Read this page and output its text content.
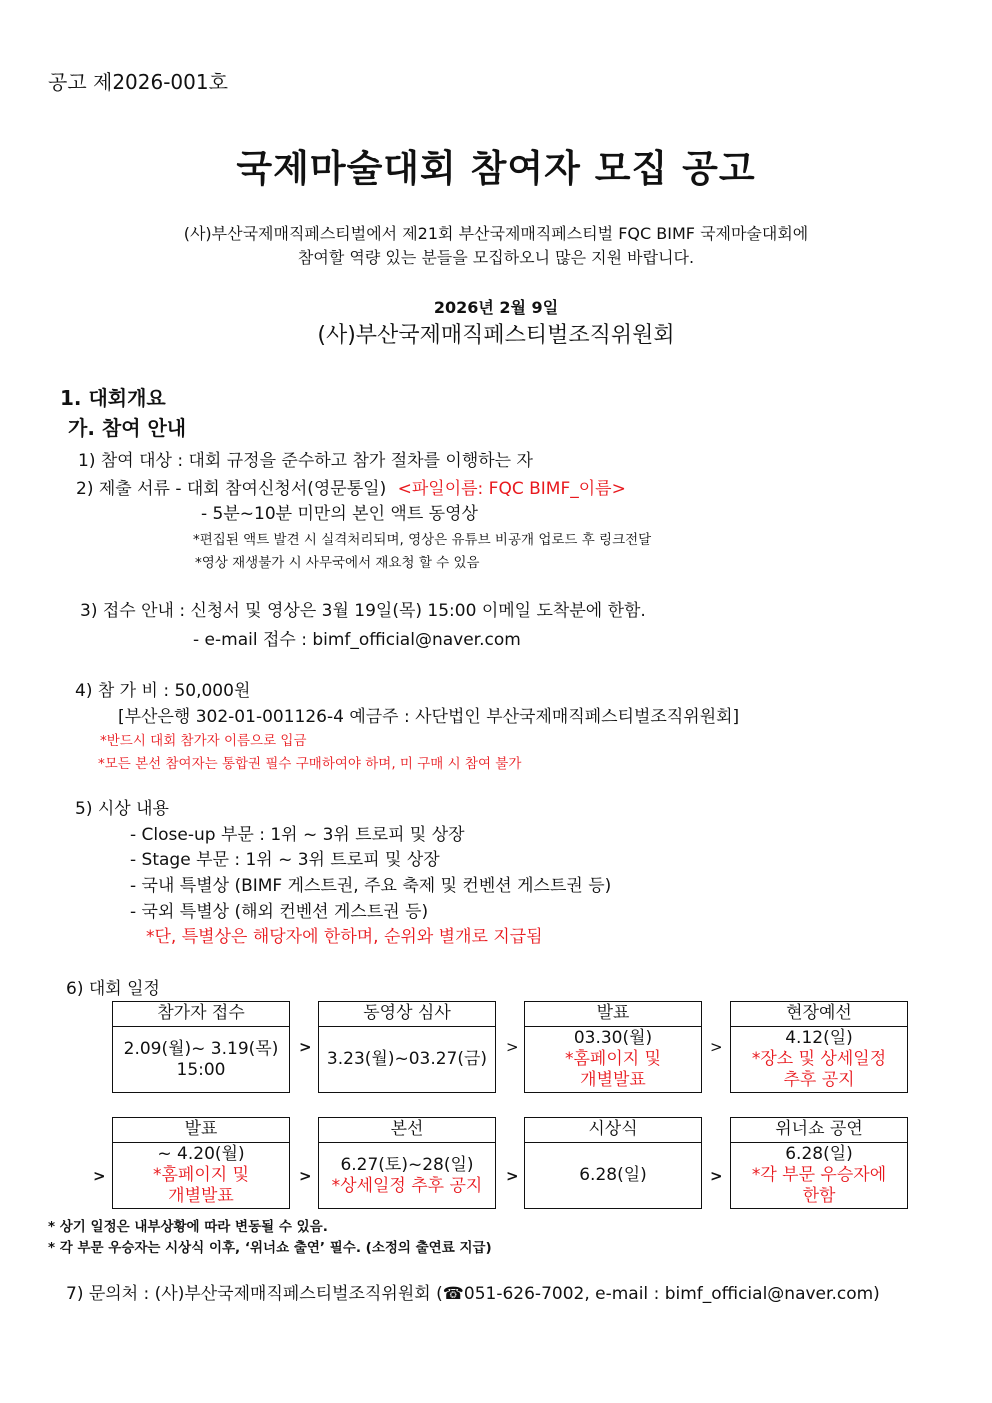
공고 제2026-001호
국제마술대회 참여자 모집 공고
(사)부산국제매직페스티벌에서 제21회 부산국제매직페스티벌 FQC BIMF 국제마술대회에
참여할 역량 있는 분들을 모집하오니 많은 지원 바랍니다.
2026년 2월 9일
(사)부산국제매직페스티벌조직위원회
1. 대회개요
가. 참여 안내
1) 참여 대상 : 대회 규정을 준수하고 참가 절차를 이행하는 자
2) 제출 서류 - 대회 참여신청서(영문통일) <파일이름: FQC BIMF_이름>
- 5분~10분 미만의 본인 액트 동영상
*편집된 액트 발견 시 실격처리되며, 영상은 유튜브 비공개 업로드 후 링크전달
*영상 재생불가 시 사무국에서 재요청 할 수 있음
3) 접수 안내 : 신청서 및 영상은 3월 19일(목) 15:00 이메일 도착분에 한함.
- e-mail 접수 : bimf_official@naver.com
4) 참 가 비 : 50,000원
[부산은행 302-01-001126-4 예금주 : 사단법인 부산국제매직페스티벌조직위원회]
*반드시 대회 참가자 이름으로 입금
*모든 본선 참여자는 통합권 필수 구매하여야 하며, 미 구매 시 참여 불가
5) 시상 내용
- Close-up 부문 : 1위 ~ 3위 트로피 및 상장
- Stage 부문 : 1위 ~ 3위 트로피 및 상장
- 국내 특별상 (BIMF 게스트권, 주요 축제 및 컨벤션 게스트권 등)
- 국외 특별상 (해외 컨벤션 게스트권 등)
*단, 특별상은 해당자에 한하며, 순위와 별개로 지급됨
6) 대회 일정
참가자 접수
2.09(월)~ 3.19(목)
15:00
>
동영상 심사
3.23(월)~03.27(금)
>
발표
03.30(월)
*홈페이지 및
개별발표
>
현장예선
4.12(일)
*장소 및 상세일정
추후 공지
>
발표
~ 4.20(월)
*홈페이지 및
개별발표
>
본선
6.27(토)~28(일)
*상세일정 추후 공지 >
시상식
6.28(일)	>
위너쇼 공연
6.28(일)
*각 부문 우승자에
한함
* 상기 일정은 내부상황에 따라 변동될 수 있음.
* 각 부문 우승자는 시상식 이후, ‘위너쇼 출연’ 필수. (소정의 출연료 지급)
7) 문의처 : (사)부산국제매직페스티벌조직위원회 (☎051-626-7002, e-mail : bimf_official@naver.com)
